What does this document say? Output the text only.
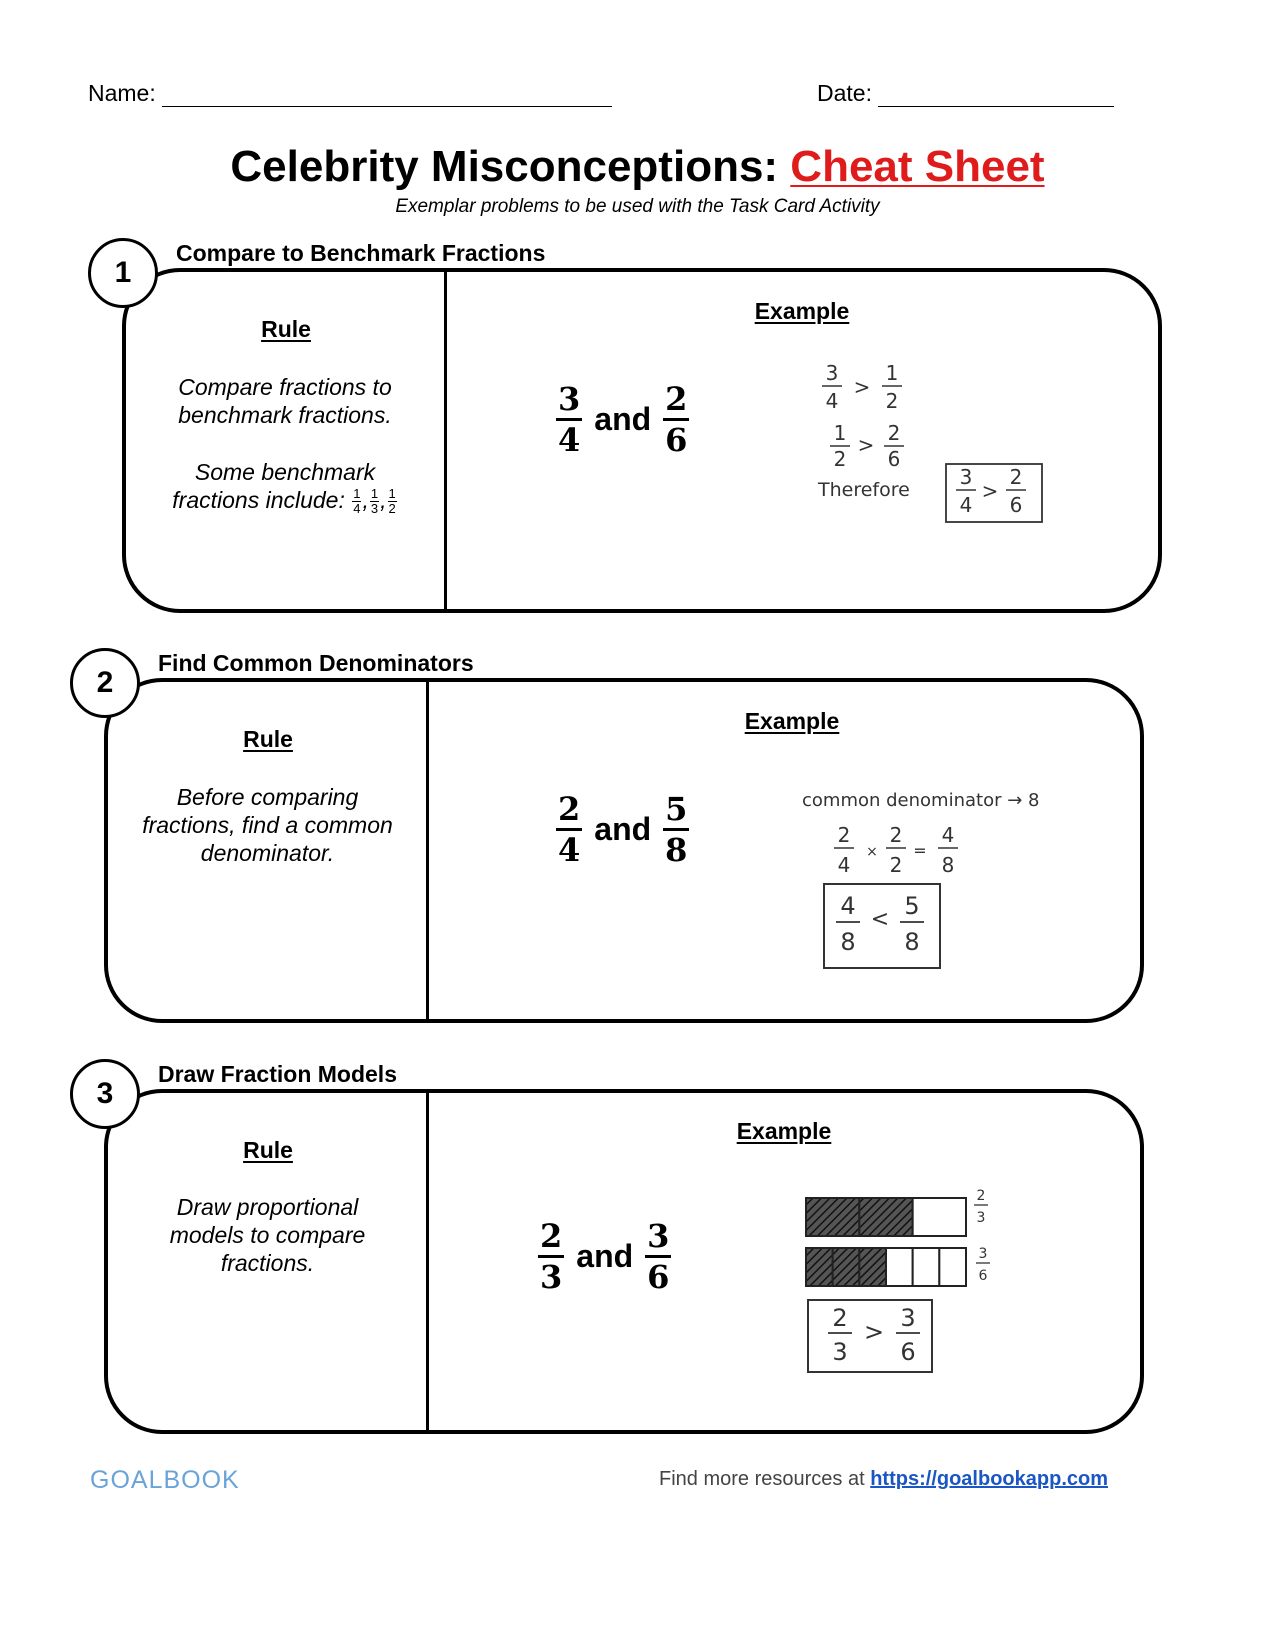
Name:	Date:
Celebrity Misconceptions: Cheat Sheet
Exemplar problems to be used with the Task Card Activity
Compare to Benchmark Fractions
1
Rule
Compare fractions to benchmark fractions.
Some benchmark fractions include: $\frac{1}{4}$ , $\frac{1}{3}$ , $\frac{1}{2}$
Example
$\frac{3}{4}$ and $\frac{2}{6}$
3
4
>
1
2
1
2
> 2
6
Therefore
3
4
>
2
6
Find Common Denominators
2
Rule
Before comparing fractions, find a common denominator.
Example
$\frac{2}{4}$ and $\frac{5}{8}$	common denominator → 8
2
4
×
2
2
=
4
8
4
8
< 5
8
Draw Fraction Models
3
Rule
Draw proportional models to compare fractions.
Example
$\frac{2}{3}$ and $\frac{3}{6}$
2
3
3
6
2
3
> 3
6
GOALBOOK	Find more resources at https://goalbookapp.com
